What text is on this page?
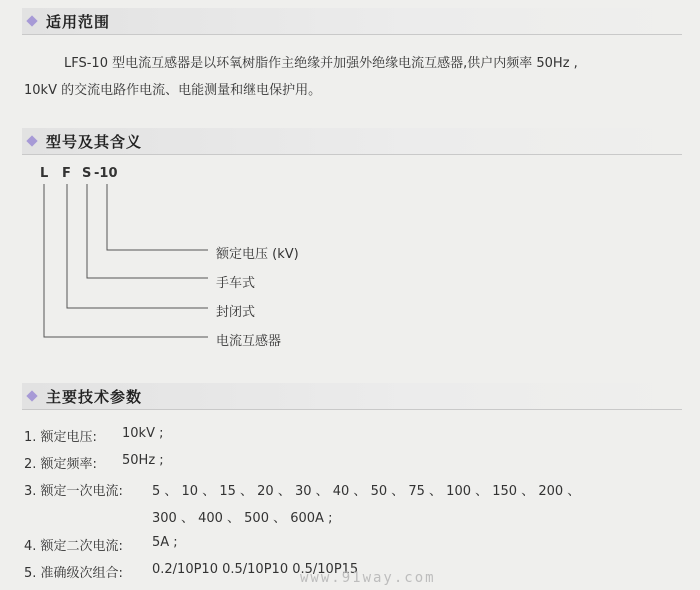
适用范围
LFS-10 型电流互感器是以环氧树脂作主绝缘并加强外绝缘电流互感器,供户内频率 50Hz ,
10kV 的交流电路作电流、电能测量和继电保护用。
型号及其含义
L F S -10
额定电压 (kV)
手车式
封闭式
电流互感器
主要技术参数
1. 额定电压: 10kV ;
2. 额定频率: 50Hz ;
3. 额定一次电流: 5 、 10 、 15 、 20 、 30 、 40 、 50 、 75 、 100 、 150 、 200 、
300 、 400 、 500 、 600A ;
4. 额定二次电流: 5A ;
5. 准确级次组合: 0.2/10P10 0.5/10P10 0.5/10P15
www.91way.com
